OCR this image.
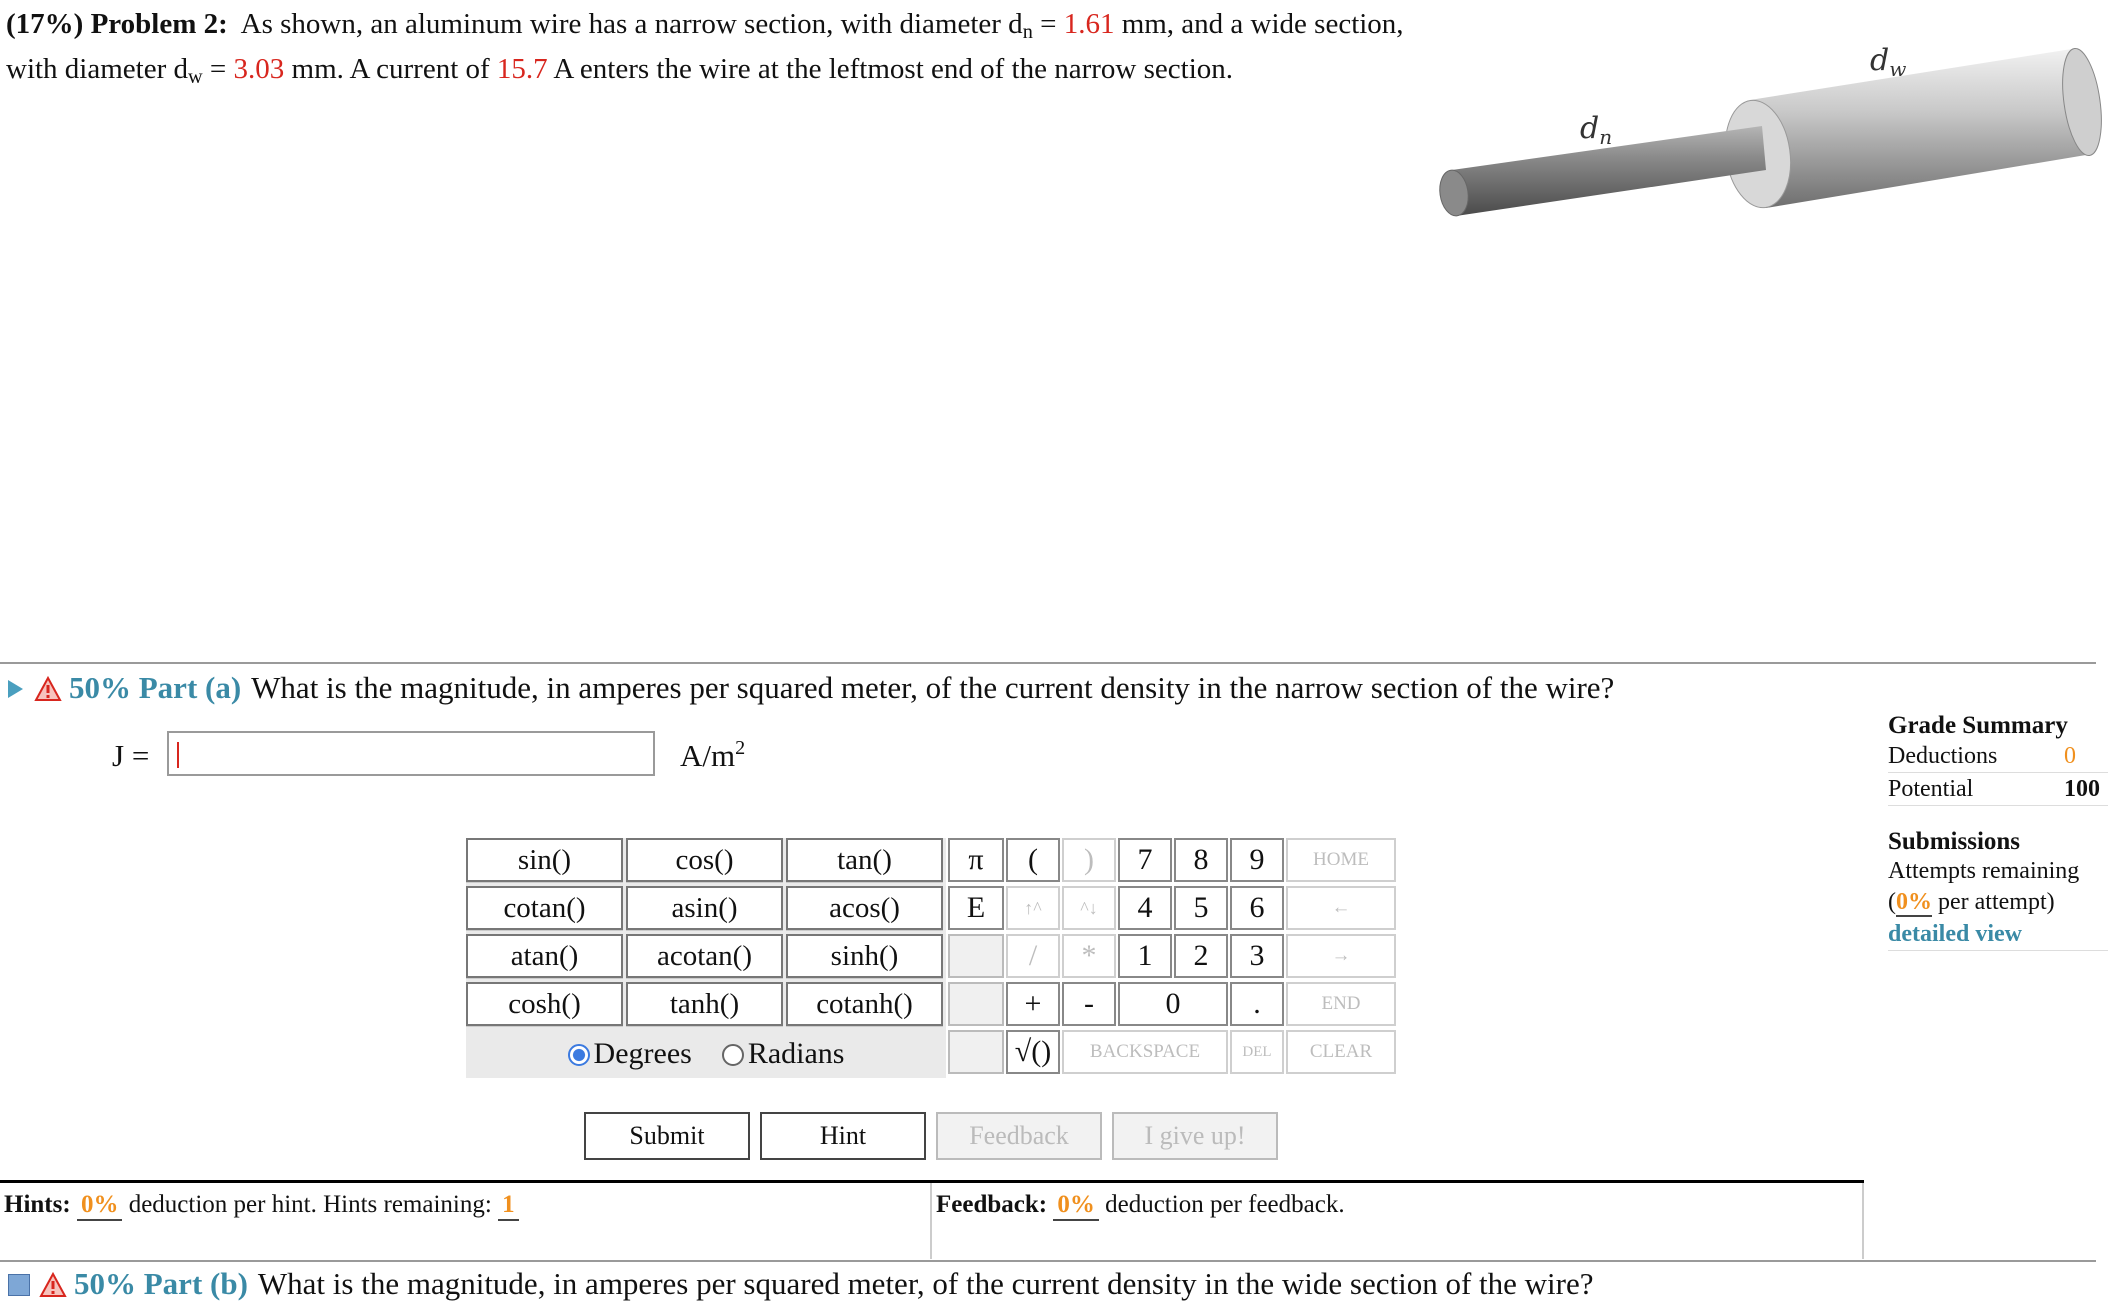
(17%) Problem 2: As shown, an aluminum wire has a narrow section, with diameter $d_n = 1.61$ mm, and a wide section, with diameter $d_w = 3.03$ mm. A current of 15.7 A enters the wire at the leftmost end of the narrow section.
$d_n$
$d_w$
50% Part (a) What is the magnitude, in amperes per squared meter, of the current density in the narrow section of the wire?
J =	$A/m^2$
sin()	cos()	tan()
cotan()	asin()	acos()
atan()	acotan()	sinh()
cosh()	tanh()	cotanh()
Degrees Radians
π
E
(
↑^
/
+
√()
)
^↓
*
-
7	8	9
4	5	6
1	2	3
0	.
BACKSPACE	DEL
HOME
←
→
END
CLEAR
Submit	Hint	Feedback	I give up!
Hints: 0% deduction per hint. Hints remaining: 1	Feedback: 0% deduction per feedback.
50% Part (b) What is the magnitude, in amperes per squared meter, of the current density in the wide section of the wire?
Grade Summary
Deductions	0
Potential	100
Submissions
Attempts remaining
(0% per attempt)
detailed view
